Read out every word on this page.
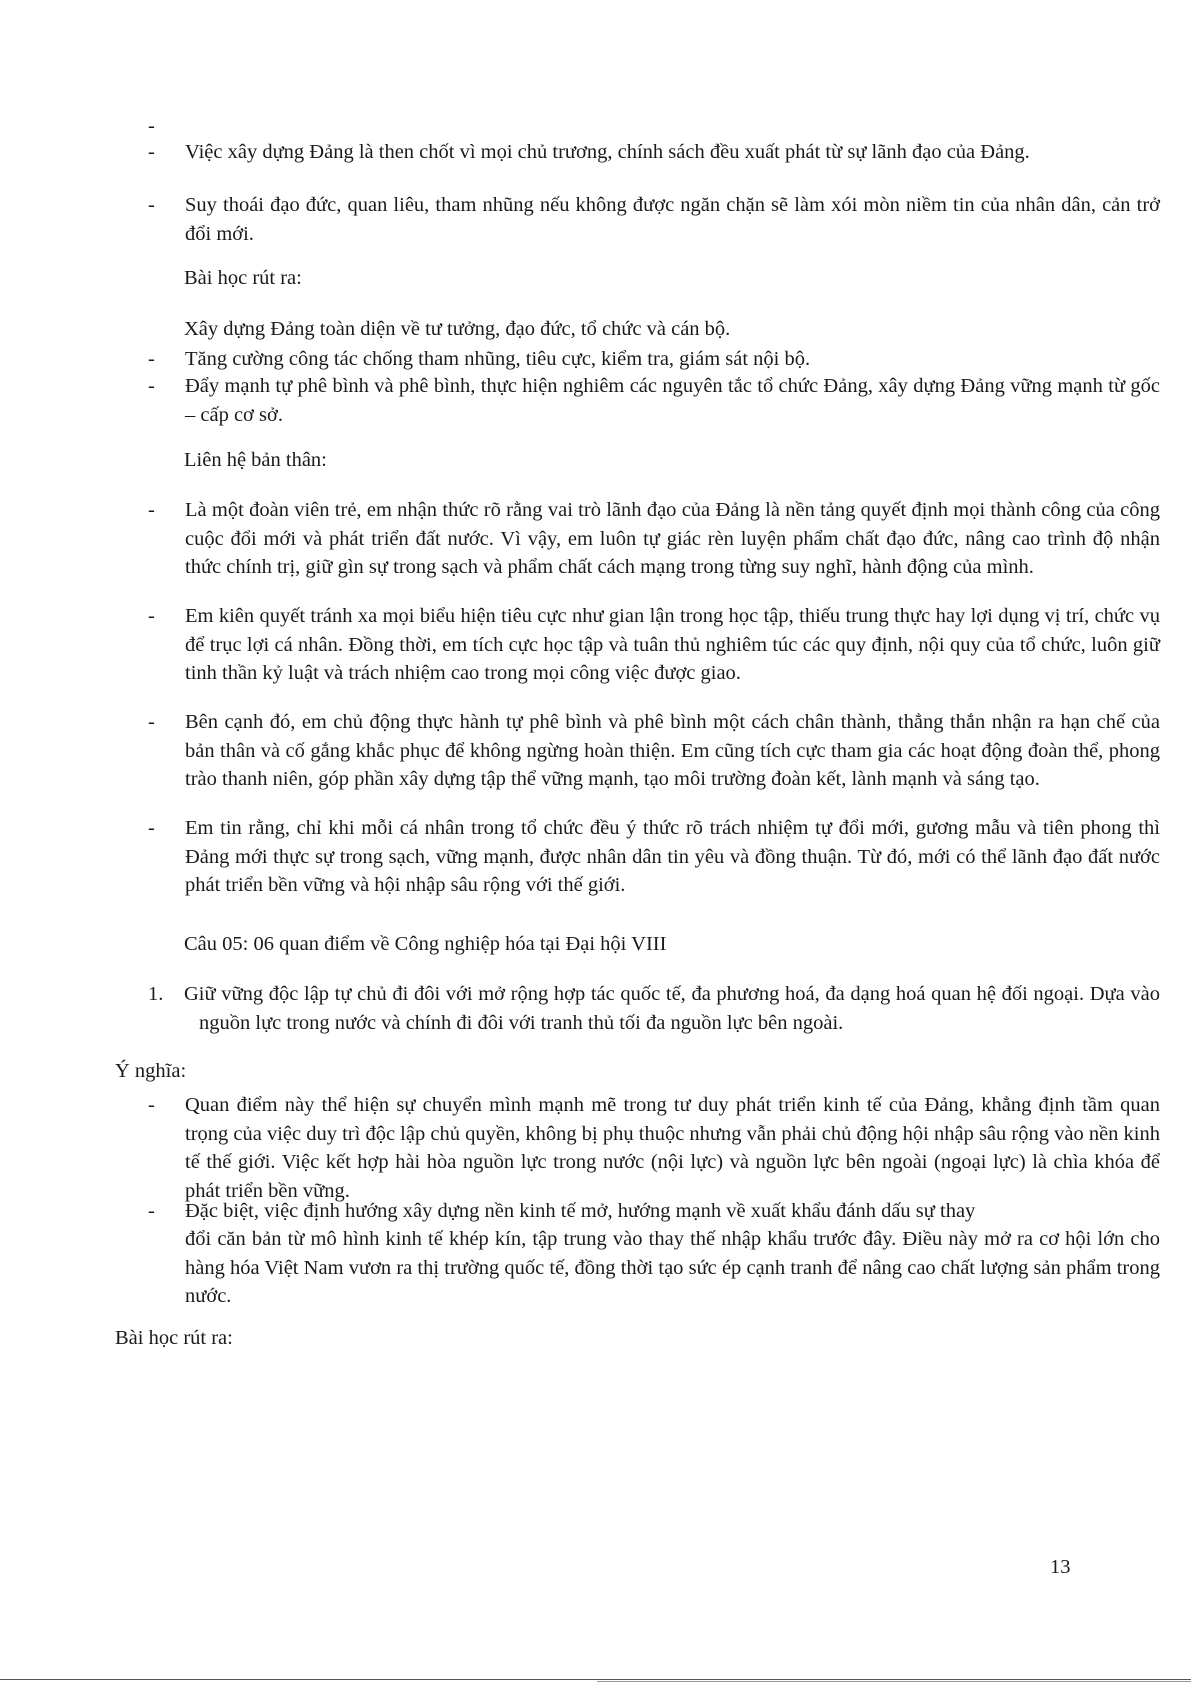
-
- Việc xây dựng Đảng là then chốt vì mọi chủ trương, chính sách đều xuất phát từ sự lãnh đạo của Đảng.
- Suy thoái đạo đức, quan liêu, tham nhũng nếu không được ngăn chặn sẽ làm xói mòn niềm tin của nhân dân, cản trở đổi mới.
Bài học rút ra:
Xây dựng Đảng toàn diện về tư tưởng, đạo đức, tổ chức và cán bộ.
- Tăng cường công tác chống tham nhũng, tiêu cực, kiểm tra, giám sát nội bộ.
- Đẩy mạnh tự phê bình và phê bình, thực hiện nghiêm các nguyên tắc tổ chức Đảng, xây dựng Đảng vững mạnh từ gốc – cấp cơ sở.
Liên hệ bản thân:
- Là một đoàn viên trẻ, em nhận thức rõ rằng vai trò lãnh đạo của Đảng là nền tảng quyết định mọi thành công của công cuộc đổi mới và phát triển đất nước. Vì vậy, em luôn tự giác rèn luyện phẩm chất đạo đức, nâng cao trình độ nhận thức chính trị, giữ gìn sự trong sạch và phẩm chất cách mạng trong từng suy nghĩ, hành động của mình.
- Em kiên quyết tránh xa mọi biểu hiện tiêu cực như gian lận trong học tập, thiếu trung thực hay lợi dụng vị trí, chức vụ để trục lợi cá nhân. Đồng thời, em tích cực học tập và tuân thủ nghiêm túc các quy định, nội quy của tổ chức, luôn giữ tinh thần kỷ luật và trách nhiệm cao trong mọi công việc được giao.
- Bên cạnh đó, em chủ động thực hành tự phê bình và phê bình một cách chân thành, thẳng thắn nhận ra hạn chế của bản thân và cố gắng khắc phục để không ngừng hoàn thiện. Em cũng tích cực tham gia các hoạt động đoàn thể, phong trào thanh niên, góp phần xây dựng tập thể vững mạnh, tạo môi trường đoàn kết, lành mạnh và sáng tạo.
- Em tin rằng, chỉ khi mỗi cá nhân trong tổ chức đều ý thức rõ trách nhiệm tự đổi mới, gương mẫu và tiên phong thì Đảng mới thực sự trong sạch, vững mạnh, được nhân dân tin yêu và đồng thuận. Từ đó, mới có thể lãnh đạo đất nước phát triển bền vững và hội nhập sâu rộng với thế giới.
Câu 05: 06 quan điểm về Công nghiệp hóa tại Đại hội VIII
1. Giữ vững độc lập tự chủ đi đôi với mở rộng hợp tác quốc tế, đa phương hoá, đa dạng hoá quan hệ đối ngoại. Dựa vào nguồn lực trong nước và chính đi đôi với tranh thủ tối đa nguồn lực bên ngoài.
Ý nghĩa:
- Quan điểm này thể hiện sự chuyển mình mạnh mẽ trong tư duy phát triển kinh tế của Đảng, khẳng định tầm quan trọng của việc duy trì độc lập chủ quyền, không bị phụ thuộc nhưng vẫn phải chủ động hội nhập sâu rộng vào nền kinh tế thế giới. Việc kết hợp hài hòa nguồn lực trong nước (nội lực) và nguồn lực bên ngoài (ngoại lực) là chìa khóa để phát triển bền vững.
- Đặc biệt, việc định hướng xây dựng nền kinh tế mở, hướng mạnh về xuất khẩu đánh dấu sự thay
đổi căn bản từ mô hình kinh tế khép kín, tập trung vào thay thế nhập khẩu trước đây. Điều này mở ra cơ hội lớn cho hàng hóa Việt Nam vươn ra thị trường quốc tế, đồng thời tạo sức ép cạnh tranh để nâng cao chất lượng sản phẩm trong nước.
Bài học rút ra:
13
